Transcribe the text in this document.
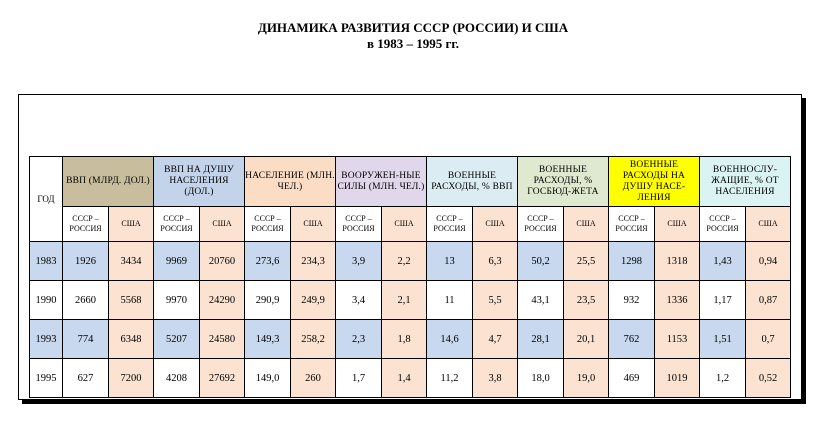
ДИНАМИКА РАЗВИТИЯ СССР (РОССИИ) И США
в 1983 – 1995 гг.
ГОД	ВВП (МЛРД. ДОЛ.)		ВВП НА ДУШУ НАСЕЛЕНИЯ (ДОЛ.)		НАСЕЛЕНИЕ (МЛН. ЧЕЛ.)		ВООРУЖЕН-НЫЕ СИЛЫ (МЛН. ЧЕЛ.)		ВОЕННЫЕ РАСХОДЫ, % ВВП		ВОЕННЫЕ РАСХОДЫ, % ГОСБЮД-ЖЕТА		ВОЕННЫЕ РАСХОДЫ НА ДУШУ НАСЕ-ЛЕНИЯ		ВОЕННОСЛУ-ЖАЩИЕ, % ОТ НАСЕЛЕНИЯ	
	СССР – РОССИЯ	США	СССР – РОССИЯ	США	СССР – РОССИЯ	США	СССР – РОССИЯ	США	СССР – РОССИЯ	США	СССР – РОССИЯ	США	СССР – РОССИЯ	США	СССР – РОССИЯ	США
1983	1926	3434	9969	20760	273,6	234,3	3,9	2,2	13	6,3	50,2	25,5	1298	1318	1,43	0,94
1990	2660	5568	9970	24290	290,9	249,9	3,4	2,1	11	5,5	43,1	23,5	932	1336	1,17	0,87
1993	774	6348	5207	24580	149,3	258,2	2,3	1,8	14,6	4,7	28,1	20,1	762	1153	1,51	0,7
1995	627	7200	4208	27692	149,0	260	1,7	1,4	11,2	3,8	18,0	19,0	469	1019	1,2	0,52
